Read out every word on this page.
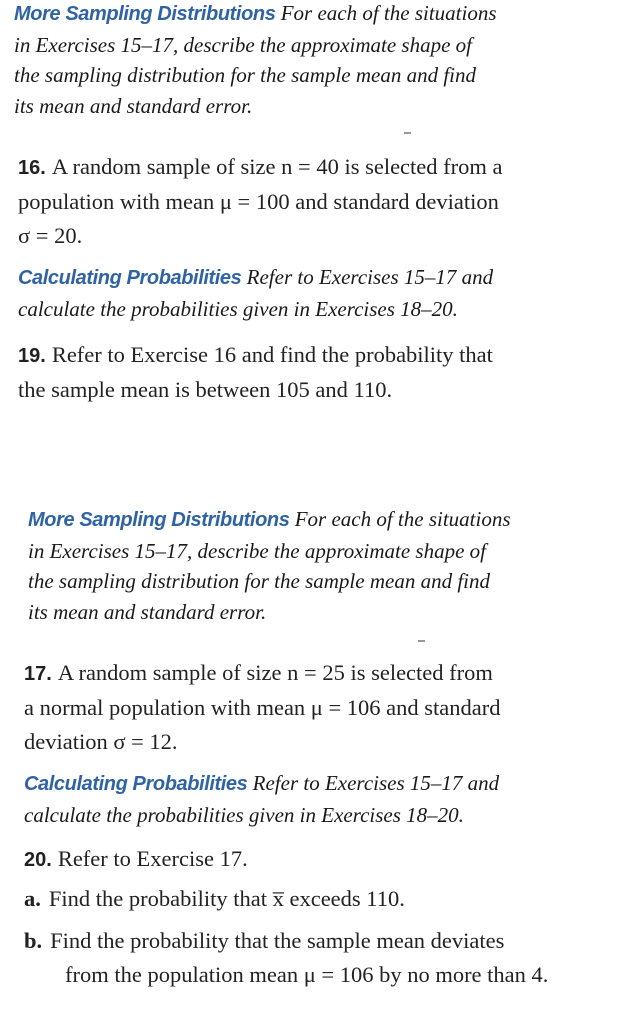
More Sampling Distributions For each of the situations
in Exercises 15–17, describe the approximate shape of
the sampling distribution for the sample mean and find
its mean and standard error.
16. A random sample of size n = 40 is selected from a
population with mean μ = 100 and standard deviation
σ = 20.
Calculating Probabilities Refer to Exercises 15–17 and
calculate the probabilities given in Exercises 18–20.
19. Refer to Exercise 16 and find the probability that
the sample mean is between 105 and 110.
More Sampling Distributions For each of the situations
in Exercises 15–17, describe the approximate shape of
the sampling distribution for the sample mean and find
its mean and standard error.
17. A random sample of size n = 25 is selected from
a normal population with mean μ = 106 and standard
deviation σ = 12.
Calculating Probabilities Refer to Exercises 15–17 and
calculate the probabilities given in Exercises 18–20.
20. Refer to Exercise 17.
a. Find the probability that x̅ exceeds 110.
b. Find the probability that the sample mean deviates
from the population mean μ = 106 by no more than 4.
